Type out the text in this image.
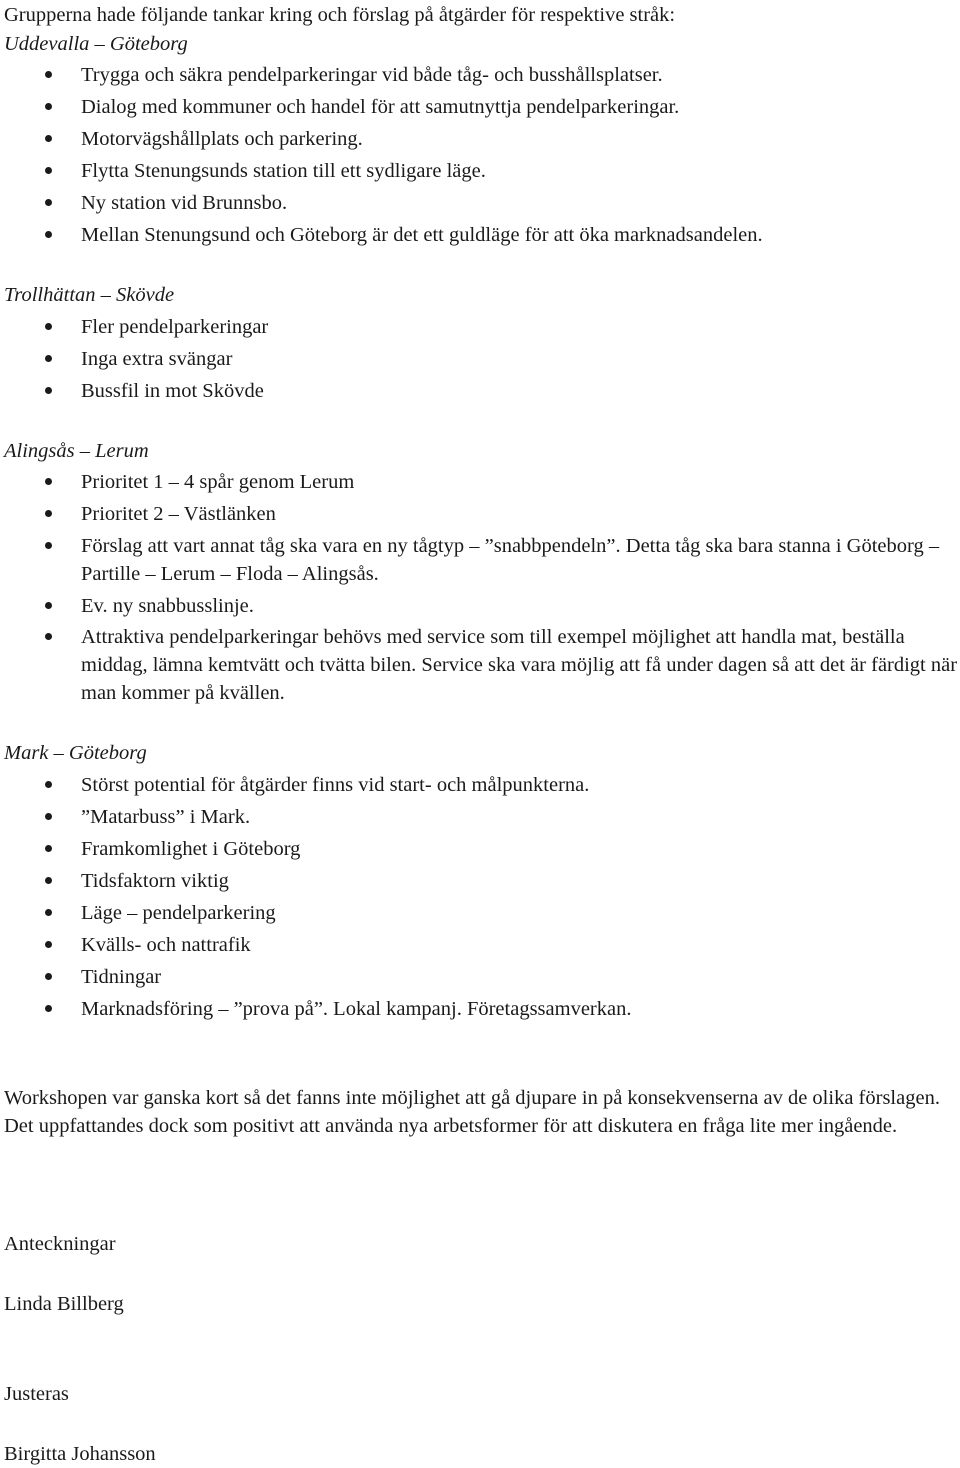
Grupperna hade följande tankar kring och förslag på åtgärder för respektive stråk:
Uddevalla – Göteborg
Trygga och säkra pendelparkeringar vid både tåg- och busshållsplatser.
Dialog med kommuner och handel för att samutnyttja pendelparkeringar.
Motorvägshållplats och parkering.
Flytta Stenungsunds station till ett sydligare läge.
Ny station vid Brunnsbo.
Mellan Stenungsund och Göteborg är det ett guldläge för att öka marknadsandelen.
Trollhättan – Skövde
Fler pendelparkeringar
Inga extra svängar
Bussfil in mot Skövde
Alingsås – Lerum
Prioritet 1 – 4 spår genom Lerum
Prioritet 2 – Västlänken
Förslag att vart annat tåg ska vara en ny tågtyp – ”snabbpendeln”. Detta tåg ska bara stanna i Göteborg – Partille – Lerum – Floda – Alingsås.
Ev. ny snabbusslinje.
Attraktiva pendelparkeringar behövs med service som till exempel möjlighet att handla mat, beställa middag, lämna kemtvätt och tvätta bilen. Service ska vara möjlig att få under dagen så att det är färdigt när man kommer på kvällen.
Mark – Göteborg
Störst potential för åtgärder finns vid start- och målpunkterna.
”Matarbuss” i Mark.
Framkomlighet i Göteborg
Tidsfaktorn viktig
Läge – pendelparkering
Kvälls- och nattrafik
Tidningar
Marknadsföring – ”prova på”. Lokal kampanj. Företagssamverkan.
Workshopen var ganska kort så det fanns inte möjlighet att gå djupare in på konsekvenserna av de olika förslagen. Det uppfattandes dock som positivt att använda nya arbetsformer för att diskutera en fråga lite mer ingående.
Anteckningar
Linda Billberg
Justeras
Birgitta Johansson
